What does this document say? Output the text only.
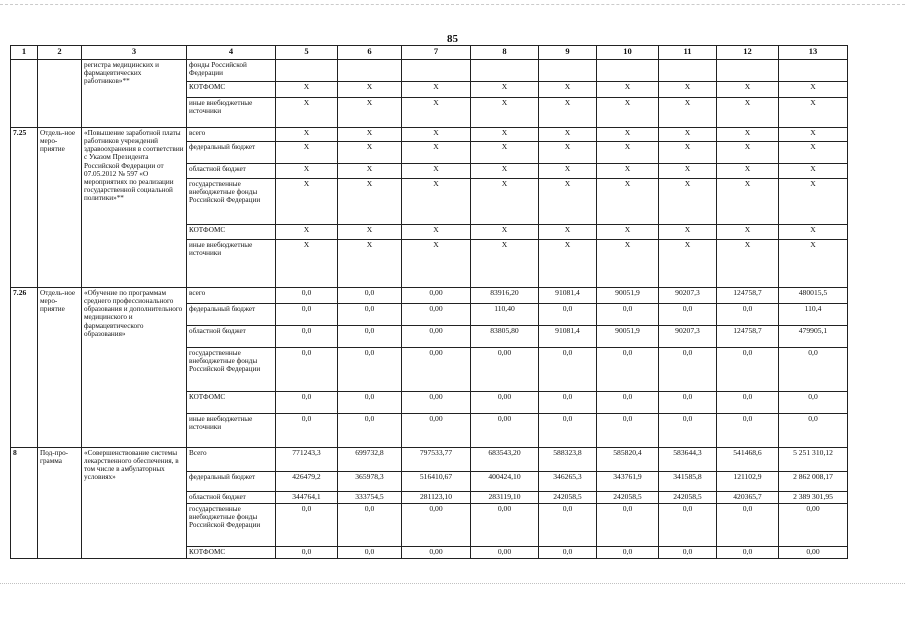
85
1	2	3	4	5	6	7	8	9	10	11	12	13
		регистра медицинских и фармацевтических работников»**	фонды Российской Федерации									
			КОТФОМС	X	X	X	X	X	X	X	X	X
			иные внебюджетные источники	X	X	X	X	X	X	X	X	X
7.25	Отдель-ное меро-приятие	«Повышение заработной платы работников учреждений здравоохранения в соответствии с Указом Президента Российской Федерации от 07.05.2012 № 597 «О мероприятиях по реализации государственной социальной политики»**	всего	X	X	X	X	X	X	X	X	X
			федеральный бюджет	X	X	X	X	X	X	X	X	X
			областной бюджет	X	X	X	X	X	X	X	X	X
			государственные внебюджетные фонды Российской Федерации	X	X	X	X	X	X	X	X	X
			КОТФОМС	X	X	X	X	X	X	X	X	X
			иные внебюджетные источники	X	X	X	X	X	X	X	X	X
7.26	Отдель-ное меро-приятие	«Обучение по программам среднего профессионального образования и дополнительного медицинского и фармацевтического образования»	всего	0,0	0,0	0,00	83916,20	91081,4	90051,9	90207,3	124758,7	480015,5
			федеральный бюджет	0,0	0,0	0,00	110,40	0,0	0,0	0,0	0,0	110,4
			областной бюджет	0,0	0,0	0,00	83805,80	91081,4	90051,9	90207,3	124758,7	479905,1
			государственные внебюджетные фонды Российской Федерации	0,0	0,0	0,00	0,00	0,0	0,0	0,0	0,0	0,0
			КОТФОМС	0,0	0,0	0,00	0,00	0,0	0,0	0,0	0,0	0,0
			иные внебюджетные источники	0,0	0,0	0,00	0,00	0,0	0,0	0,0	0,0	0,0
8	Под-про-грамма	«Совершенствование системы лекарственного обеспечения, в том числе в амбулаторных условиях»	Всего	771243,3	699732,8	797533,77	683543,20	588323,8	585820,4	583644,3	541468,6	5 251 310,12
			федеральный бюджет	426479,2	365978,3	516410,67	400424,10	346265,3	343761,9	341585,8	121102,9	2 862 008,17
			областной бюджет	344764,1	333754,5	281123,10	283119,10	242058,5	242058,5	242058,5	420365,7	2 389 301,95
			государственные внебюджетные фонды Российской Федерации	0,0	0,0	0,00	0,00	0,0	0,0	0,0	0,0	0,00
			КОТФОМС	0,0	0,0	0,00	0,00	0,0	0,0	0,0	0,0	0,00
